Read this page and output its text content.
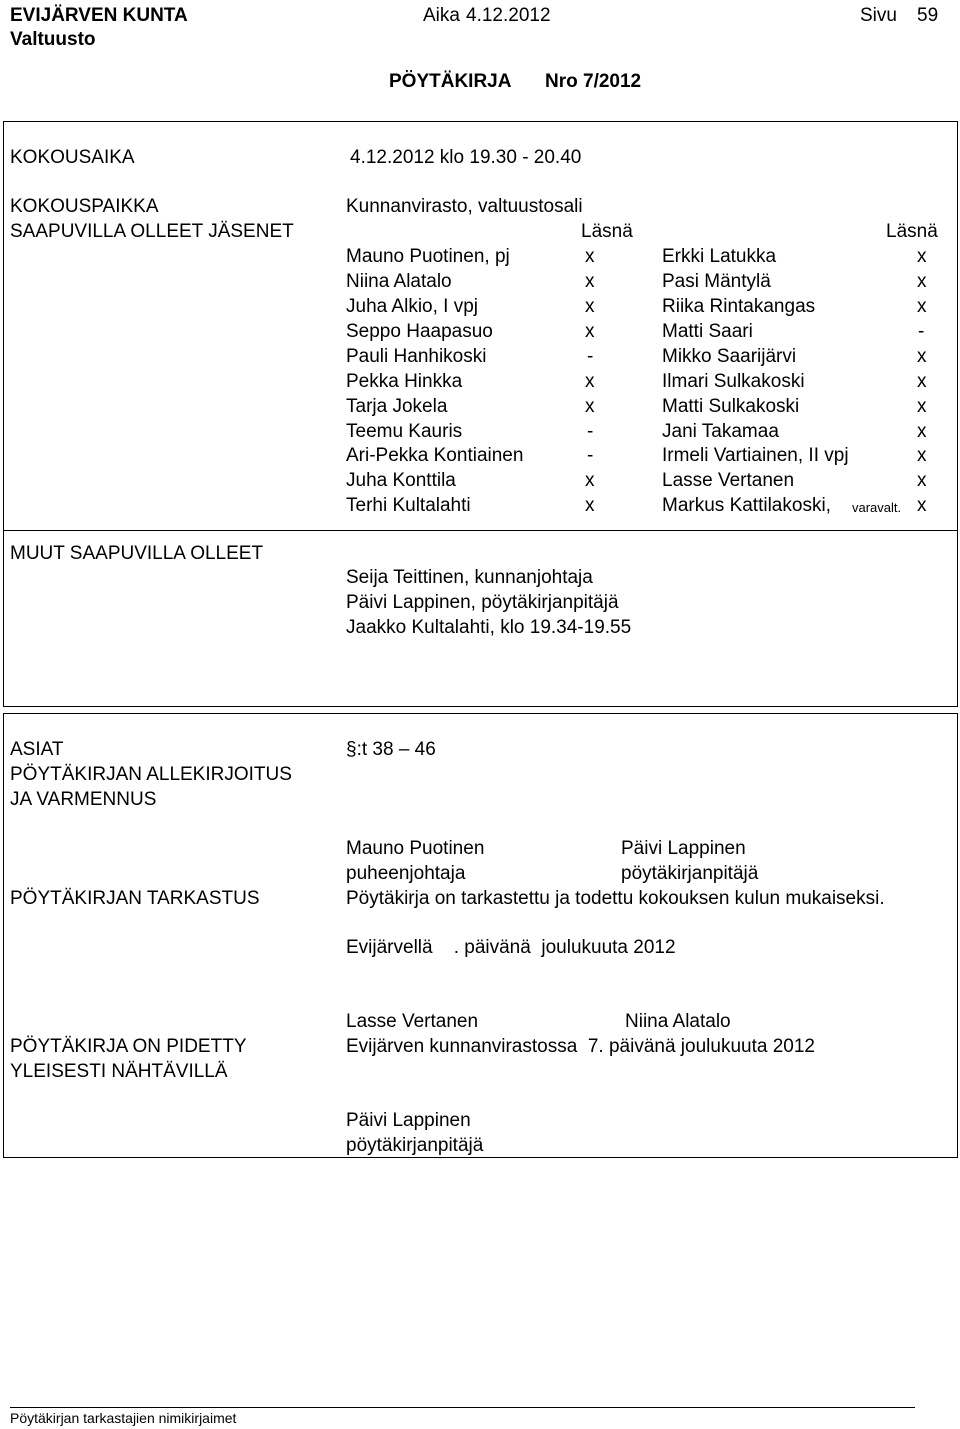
EVIJÄRVEN KUNTA
Valtuusto
Aika 4.12.2012	Sivu 59
PÖYTÄKIRJA Nro 7/2012
KOKOUSAIKA	4.12.2012 klo 19.30 - 20.40
KOKOUSPAIKKA	Kunnanvirasto, valtuustosali
SAAPUVILLA OLLEET JÄSENET	Läsnä	Läsnä
Mauno Puotinen, pj	x	Erkki Latukka	x
Niina Alatalo	x	Pasi Mäntylä	x
Juha Alkio, I vpj	x	Riika Rintakangas	x
Seppo Haapasuo	x	Matti Saari	-
Pauli Hanhikoski	-	Mikko Saarijärvi	x
Pekka Hinkka	x	Ilmari Sulkakoski	x
Tarja Jokela	x	Matti Sulkakoski	x
Teemu Kauris	-	Jani Takamaa	x
Ari-Pekka Kontiainen	-	Irmeli Vartiainen, II vpj	x
Juha Konttila	x	Lasse Vertanen	x
Terhi Kultalahti	x	Markus Kattilakoski, varavalt. x
MUUT SAAPUVILLA OLLEET
Seija Teittinen, kunnanjohtaja
Päivi Lappinen, pöytäkirjanpitäjä
Jaakko Kultalahti, klo 19.34-19.55
ASIAT	§:t 38 – 46
PÖYTÄKIRJAN ALLEKIRJOITUS
JA VARMENNUS
Mauno Puotinen
puheenjohtaja
Päivi Lappinen
pöytäkirjanpitäjä
PÖYTÄKIRJAN TARKASTUS	Pöytäkirja on tarkastettu ja todettu kokouksen kulun mukaiseksi.
Evijärvellä    . päivänä  joulukuuta 2012
Lasse Vertanen	Niina Alatalo
PÖYTÄKIRJA ON PIDETTY
YLEISESTI NÄHTÄVILLÄ
Evijärven kunnanvirastossa  7. päivänä joulukuuta 2012
Päivi Lappinen
pöytäkirjanpitäjä
Pöytäkirjan tarkastajien nimikirjaimet
